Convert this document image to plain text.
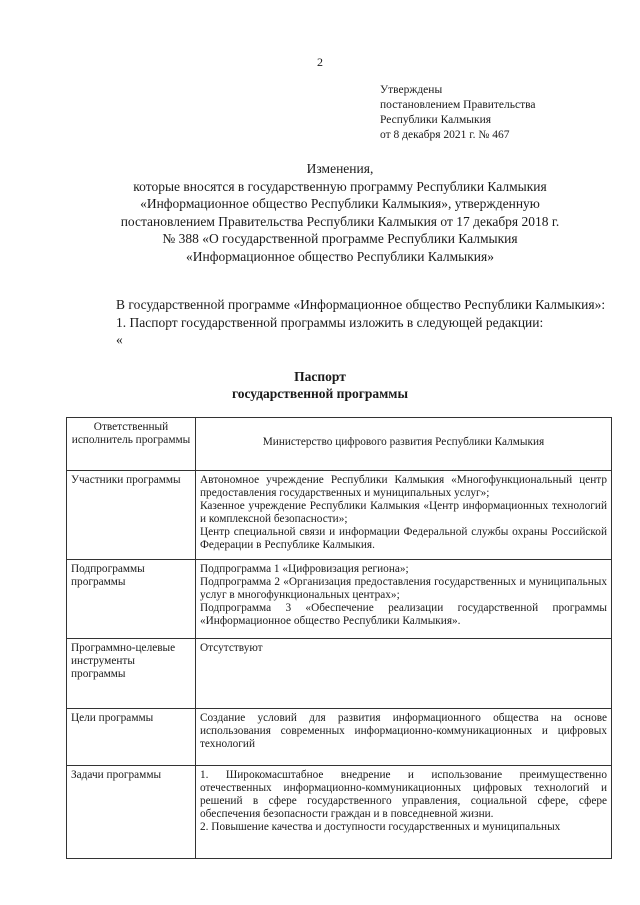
2
Утверждены
постановлением Правительства
Республики Калмыкия
от 8 декабря 2021 г. № 467
Изменения,
которые вносятся в государственную программу Республики Калмыкия
«Информационное общество Республики Калмыкия», утвержденную
постановлением Правительства Республики Калмыкия от 17 декабря 2018 г.
№ 388 «О государственной программе Республики Калмыкия
«Информационное общество Республики Калмыкия»

В государственной программе «Информационное общество Республики Калмыкия»:

1. Паспорт государственной программы изложить в следующей редакции:

«

Паспорт
государственной программы
Ответственный исполнитель программы	Министерство цифрового развития Республики Калмыкия

Участники программы	Автономное учреждение Республики Калмыкия «Многофункциональный центр предоставления государственных и муниципальных услуг»;

Казенное учреждение Республики Калмыкия «Центр информационных технологий и комплексной безопасности»;

Центр специальной связи и информации Федеральной службы охраны Российской Федерации в Республике Калмыкия.

Подпрограммы программы	Подпрограмма 1 «Цифровизация региона»;

Подпрограмма 2 «Организация предоставления государственных и муниципальных услуг в многофункциональных центрах»;

Подпрограмма 3 «Обеспечение реализации государственной программы «Информационное общество Республики Калмыкия».

Программно-целевые инструменты программы	Отсутствуют

Цели программы	Создание условий для развития информационного общества на основе использования современных информационно-коммуникационных и цифровых технологий

Задачи программы	1. Широкомасштабное внедрение и использование преимущественно отечественных информационно-коммуникационных цифровых технологий и решений в сфере государственного управления, социальной сфере, сфере обеспечения безопасности граждан и в повседневной жизни.

2. Повышение качества и доступности государственных и муниципальных
